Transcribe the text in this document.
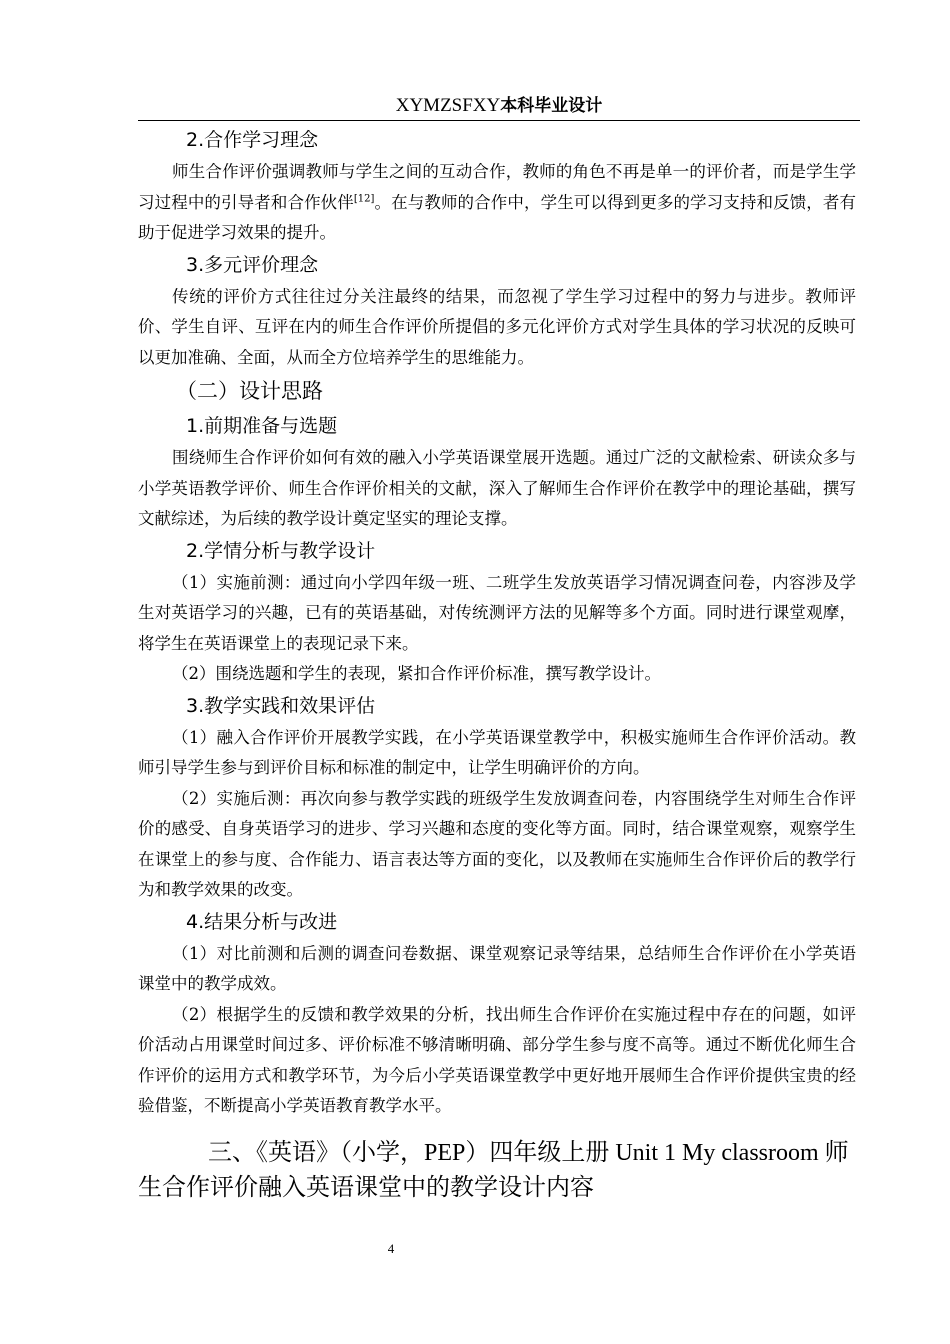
XYMZSFXY本科毕业设计
2.合作学习理念
师生合作评价强调教师与学生之间的互动合作，教师的角色不再是单一的评价者，而是学生学习过程中的引导者和合作伙伴[12]。在与教师的合作中，学生可以得到更多的学习支持和反馈，者有助于促进学习效果的提升。
3.多元评价理念
传统的评价方式往往过分关注最终的结果，而忽视了学生学习过程中的努力与进步。教师评价、学生自评、互评在内的师生合作评价所提倡的多元化评价方式对学生具体的学习状况的反映可以更加准确、全面，从而全方位培养学生的思维能力。
（二）设计思路
1.前期准备与选题
围绕师生合作评价如何有效的融入小学英语课堂展开选题。通过广泛的文献检索、研读众多与小学英语教学评价、师生合作评价相关的文献，深入了解师生合作评价在教学中的理论基础，撰写文献综述，为后续的教学设计奠定坚实的理论支撑。
2.学情分析与教学设计
（1）实施前测：通过向小学四年级一班、二班学生发放英语学习情况调查问卷，内容涉及学生对英语学习的兴趣，已有的英语基础，对传统测评方法的见解等多个方面。同时进行课堂观摩，将学生在英语课堂上的表现记录下来。
（2）围绕选题和学生的表现，紧扣合作评价标准，撰写教学设计。
3.教学实践和效果评估
（1）融入合作评价开展教学实践，在小学英语课堂教学中，积极实施师生合作评价活动。教师引导学生参与到评价目标和标准的制定中，让学生明确评价的方向。
（2）实施后测：再次向参与教学实践的班级学生发放调查问卷，内容围绕学生对师生合作评价的感受、自身英语学习的进步、学习兴趣和态度的变化等方面。同时，结合课堂观察，观察学生在课堂上的参与度、合作能力、语言表达等方面的变化，以及教师在实施师生合作评价后的教学行为和教学效果的改变。
4.结果分析与改进
（1）对比前测和后测的调查问卷数据、课堂观察记录等结果，总结师生合作评价在小学英语课堂中的教学成效。
（2）根据学生的反馈和教学效果的分析，找出师生合作评价在实施过程中存在的问题，如评价活动占用课堂时间过多、评价标准不够清晰明确、部分学生参与度不高等。通过不断优化师生合作评价的运用方式和教学环节，为今后小学英语课堂教学中更好地开展师生合作评价提供宝贵的经验借鉴，不断提高小学英语教育教学水平。
三、《英语》（小学，PEP）四年级上册 Unit 1 My classroom 师生合作评价融入英语课堂中的教学设计内容
4
